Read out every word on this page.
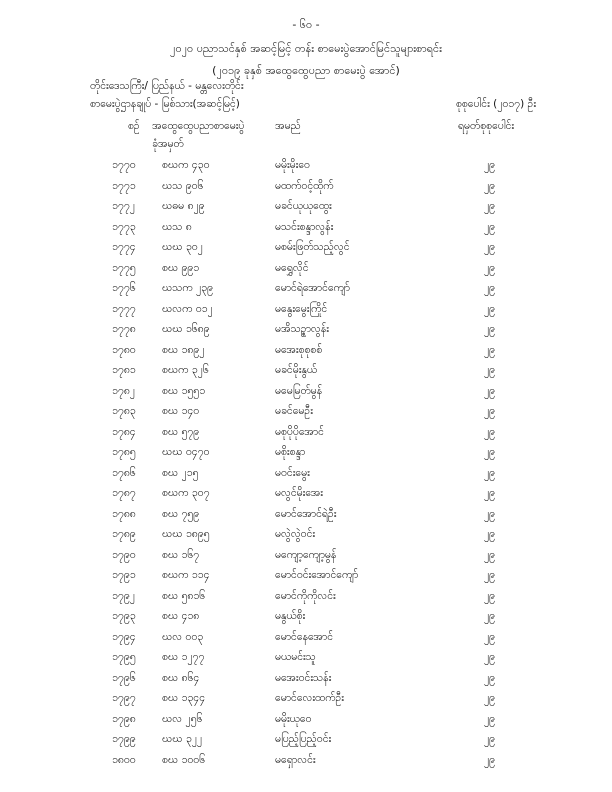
- ၆၀ -
၂၀၂၀ ပညာသင်နှစ် အဆင့်မြင့် တန်း စာမေးပွဲအောင်မြင်သူများစာရင်း
(၂၀၁၉ ခုနှစ် အထွေထွေပညာ စာမေးပွဲ အောင်)
တိုင်းဒေသကြီး/ ပြည်နယ် - မန္တလေးတိုင်း
စာမေးပွဲဌာနချုပ် - မြစ်သား(အဆင့်မြင့်)	စုစုပေါင်း (၂၀၁၇) ဦး
စဉ် အထွေထွေပညာစာမေးပွဲ
ခုံအမှတ်
အမည်	ရမှတ်စုစုပေါင်း
၁၇၇၀	စဃက ၄၃၀	မမိုးမိုးဝေ	၂၉
၁၇၇၁	ဃသ ၉၀၆	မထက်ဝင့်ထိုက်	၂၉
၁၇၇၂	ဃဓမ ၈၂၉	မခင်ယုယုထွေး	၂၉
၁၇၇၃	ဃသ ၈	မသင်းစန္ဒာလွန်း	၂၉
၁၇၇၄	ဃဃ ၃၀၂	မစမ်းဖြတ်သည့်လွင်	၂၉
၁၇၇၅	စဃ ၉၉၁	မရွှေလိုင်	၂၉
၁၇၇၆	ဃသက ၂၃၉	မောင်ရဲအောင်ကျော်	၂၉
၁၇၇၇	ဃလက ၀၁၂	မနွေးမွေးကြိုင်	၂၉
၁၇၇၈	ဃဃ ၁၆၈၉	မအိသဉ္စာလွန်း	၂၉
၁၇၈၀	စဃ ၁၈၉၂	မအေးစုစုစစ်	၂၉
၁၇၈၁	စဃက ၃၂၆	မခင်မိုးနွယ်	၂၉
၁၇၈၂	စဃ ၁၅၅၁	မမေမြတ်မွန်	၂၉
၁၇၈၃	စဃ ၁၄၀	မခင်မေဦး	၂၉
၁၇၈၄	စဃ ၅၇၉	မစုပိုပိုအောင်	၂၉
၁၇၈၅	ဃဃ ၀၄၇၀	မစိုးစန္ဒာ	၂၉
၁၇၈၆	စဃ ၂၁၅	မဝင်းမွေး	၂၉
၁၇၈၇	စဃက ၃၀၇	မလွင်မိုးအေး	၂၉
၁၇၈၈ စဃ ၇၅၉	မောင်အောင်ရဲဦး	၂၉
၁၇၈၉	ဃဃ ၁၈၉၅	မလွဲလွဲဝင်း	၂၉
၁၇၉၀	စဃ ၁၆၇	မကျော့ကျော့မွန်	၂၉
၁၇၉၁	စဃက ၁၁၄	မောင်ဝင်းအောင်ကျော်	၂၉
၁၇၉၂	စဃ ၅၈၁၆	မောင်ကိုကိုလင်း	၂၉
၁၇၉၃	စဃ ၄၁၈	မနွယ်စိုး	၂၉
၁၇၉၄	ဃလ ၀၀၃	မောင်နေအောင်	၂၉
၁၇၉၅	စဃ ၁၂၇၇	မယမင်းသူ	၂၉
၁၇၉၆	စဃ ၈၆၄	မအေးဝင်းသန်း	၂၉
၁၇၉၇	စဃ ၁၃၄၄	မောင်လေးထက်ဦး	၂၉
၁၇၉၈	ဃလ ၂၅၆	မမိုးယုဝေ	၂၉
၁၇၉၉	ဃဃ ၃၂၂	မပြည့်ပြည့်ဝင်း	၂၉
၁၈၀၀	စဃ ၁၀၀၆	မရှောလင်း	၂၉
